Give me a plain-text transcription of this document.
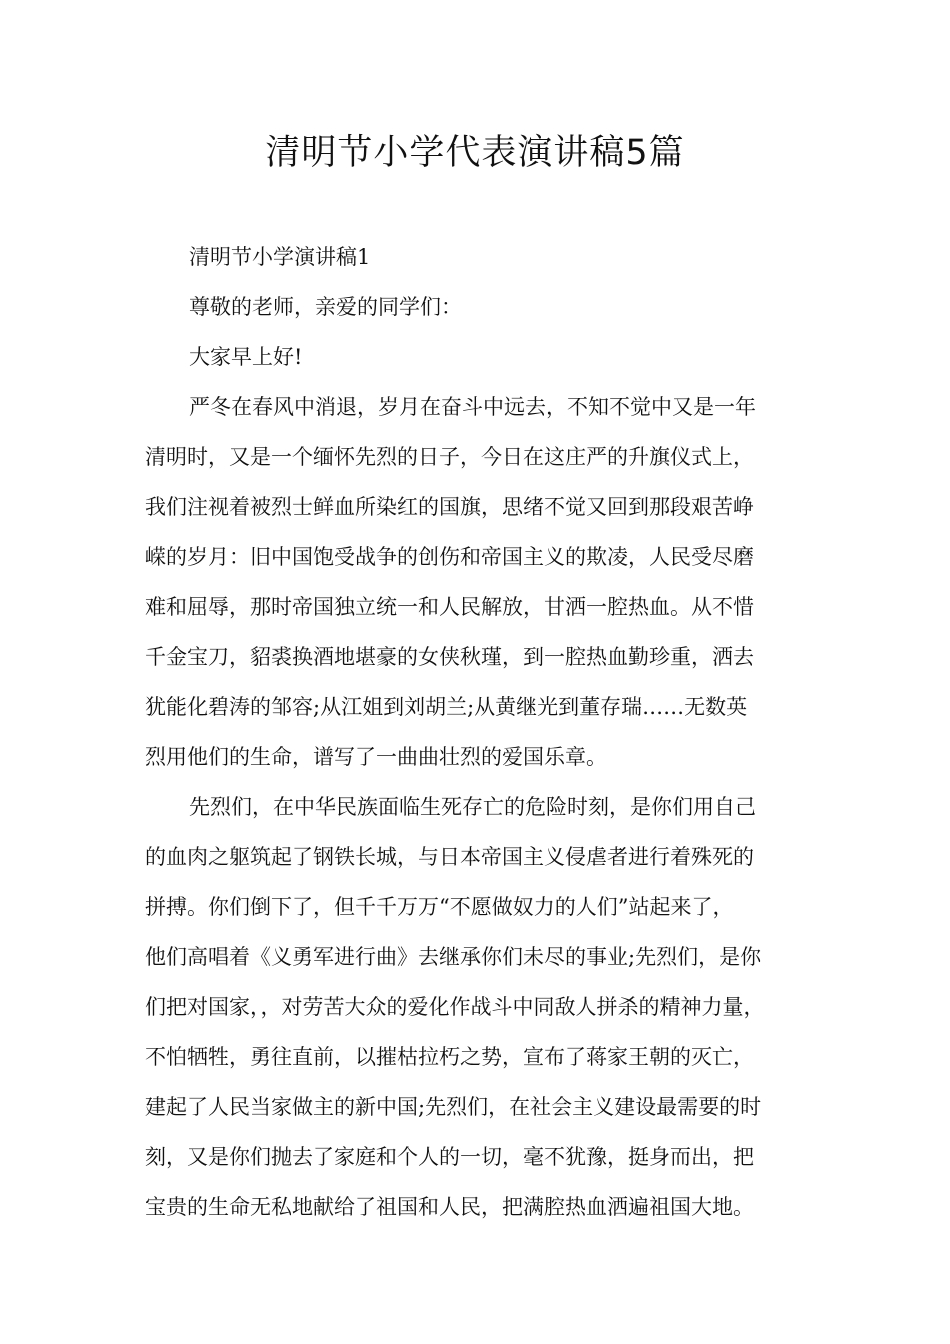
清明节小学代表演讲稿5篇
清明节小学演讲稿1
尊敬的老师，亲爱的同学们：
大家早上好!
严冬在春风中消退，岁月在奋斗中远去，不知不觉中又是一年
清明时，又是一个缅怀先烈的日子，今日在这庄严的升旗仪式上，
我们注视着被烈士鲜血所染红的国旗，思绪不觉又回到那段艰苦峥
嵘的岁月：旧中国饱受战争的创伤和帝国主义的欺凌，人民受尽磨
难和屈辱，那时帝国独立统一和人民解放，甘洒一腔热血。从不惜
千金宝刀，貂裘换酒地堪豪的女侠秋瑾，到一腔热血勤珍重，洒去
犹能化碧涛的邹容;从江姐到刘胡兰;从黄继光到董存瑞……无数英
烈用他们的生命，谱写了一曲曲壮烈的爱国乐章。
先烈们，在中华民族面临生死存亡的危险时刻，是你们用自己
的血肉之躯筑起了钢铁长城，与日本帝国主义侵虐者进行着殊死的
拼搏。你们倒下了，但千千万万“不愿做奴力的人们”站起来了，
他们高唱着《义勇军进行曲》去继承你们未尽的事业;先烈们，是你
们把对国家，，对劳苦大众的爱化作战斗中同敌人拼杀的精神力量，
不怕牺牲，勇往直前，以摧枯拉朽之势，宣布了蒋家王朝的灭亡，
建起了人民当家做主的新中国;先烈们，在社会主义建设最需要的时
刻，又是你们抛去了家庭和个人的一切，毫不犹豫，挺身而出，把
宝贵的生命无私地献给了祖国和人民，把满腔热血洒遍祖国大地。
